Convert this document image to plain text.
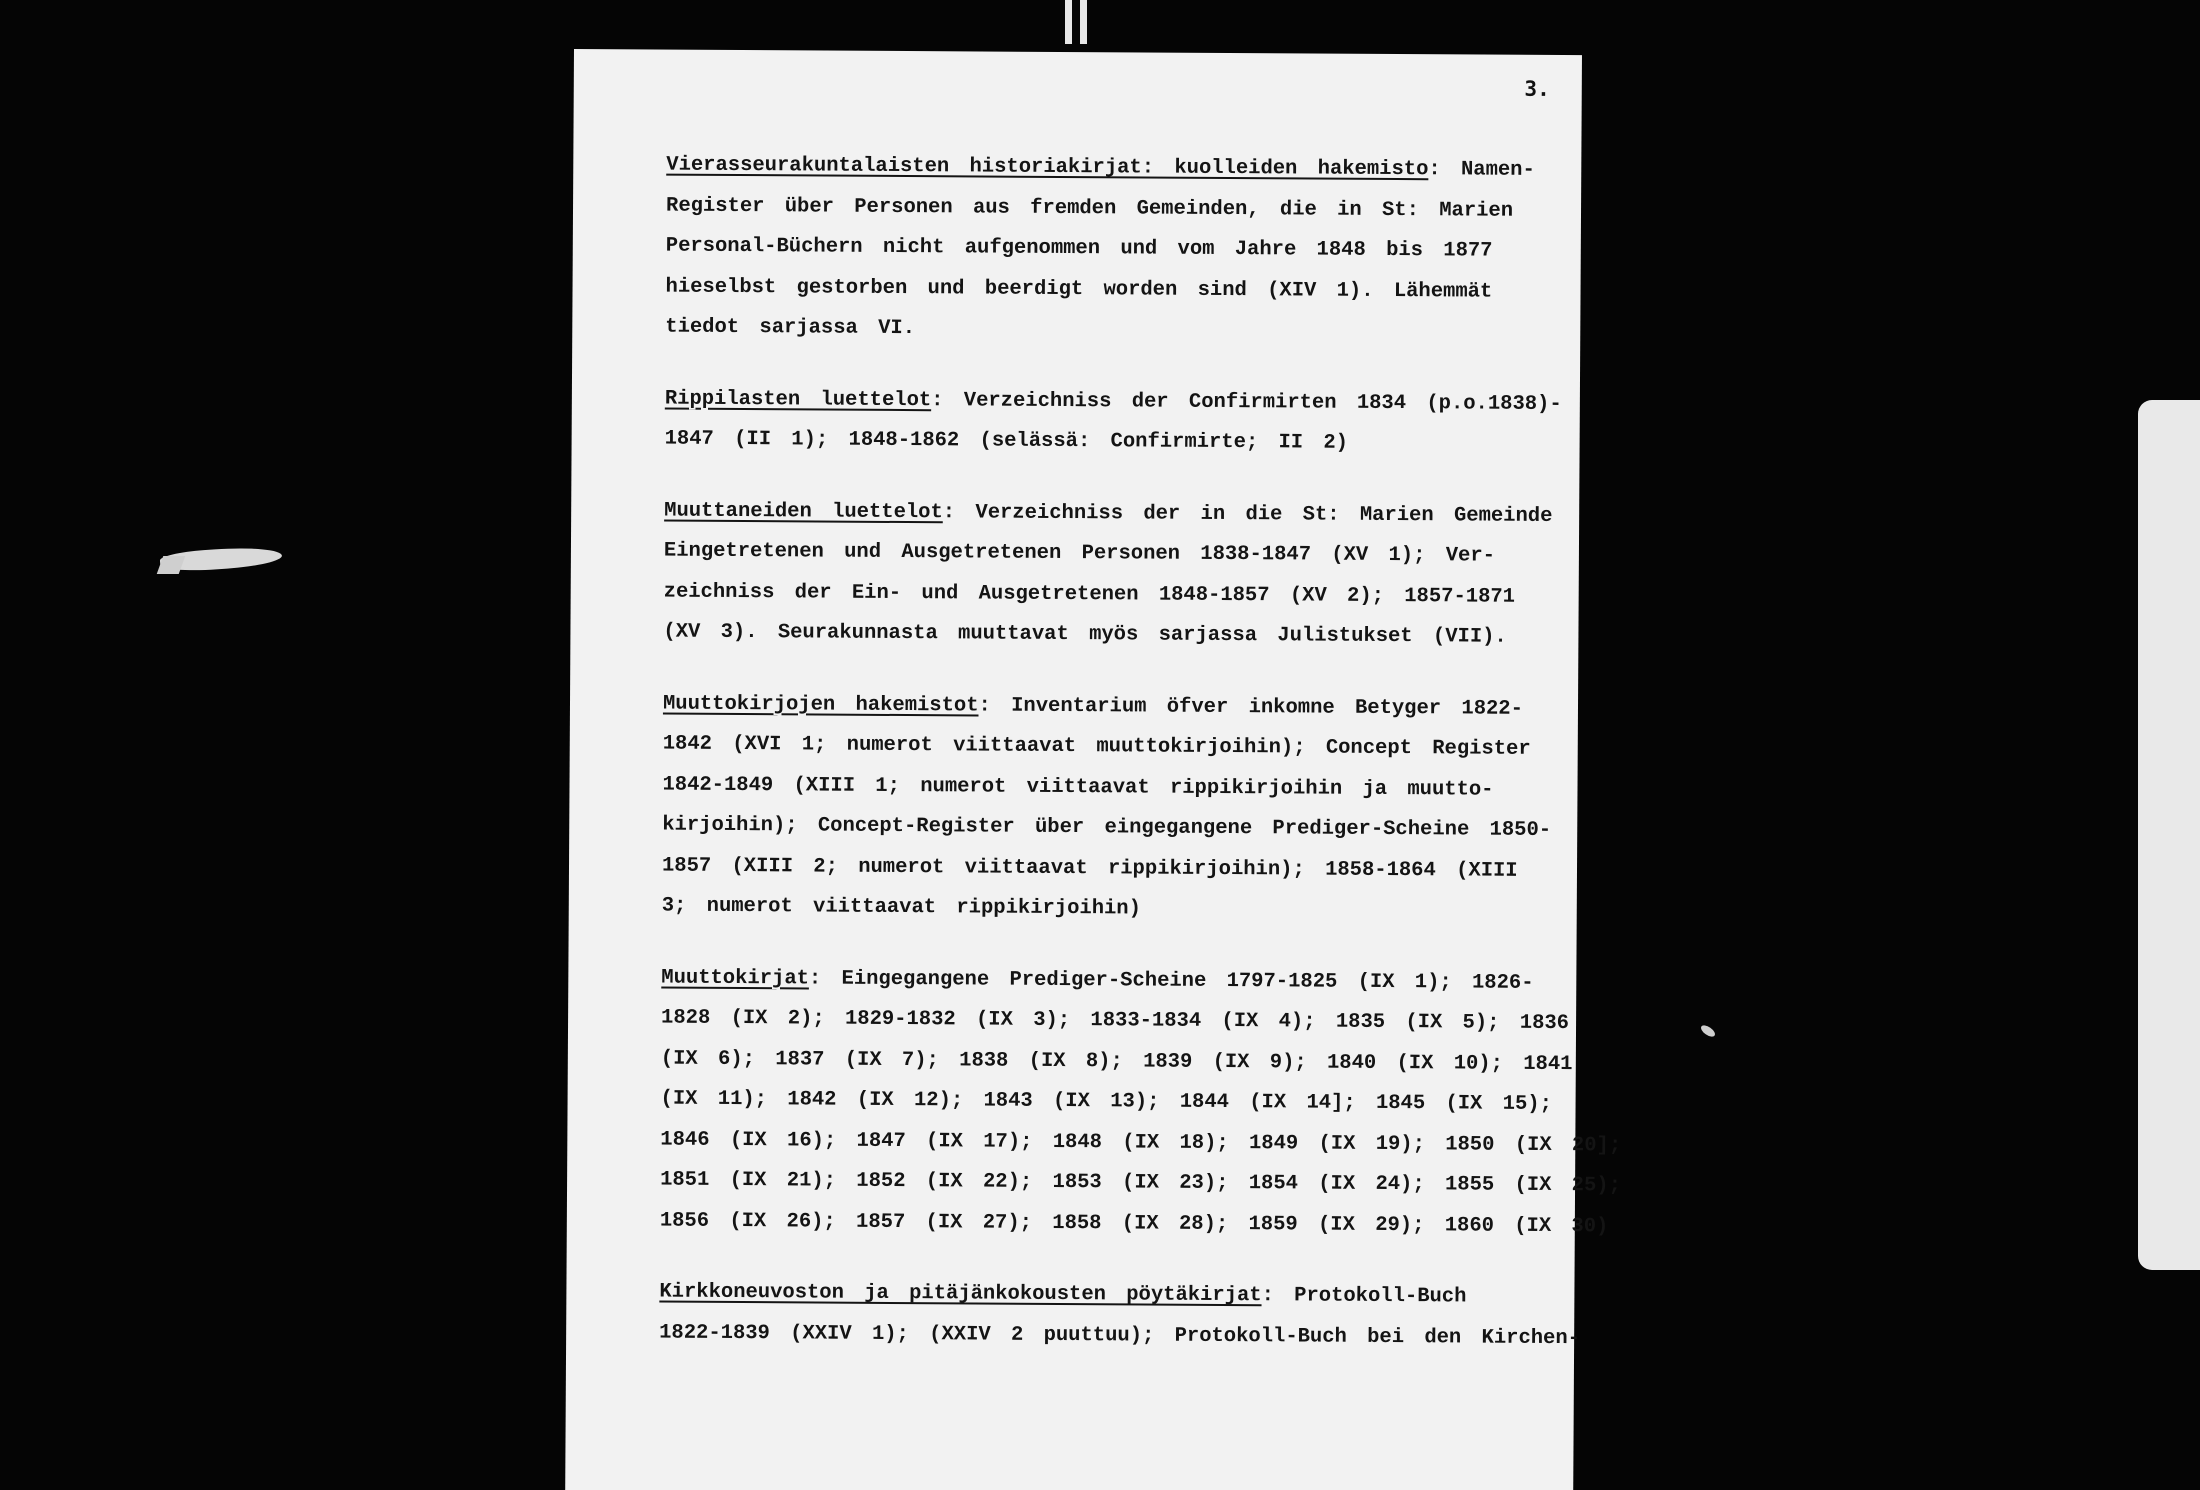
3.
Vierasseurakuntalaisten historiakirjat: kuolleiden hakemisto: Namen-
Register über Personen aus fremden Gemeinden, die in St: Marien
Personal-Büchern nicht aufgenommen und vom Jahre 1848 bis 1877
hieselbst gestorben und beerdigt worden sind (XIV 1). Lähemmät
tiedot sarjassa VI.
Rippilasten luettelot: Verzeichniss der Confirmirten 1834 (p.o.1838)-
1847 (II 1); 1848-1862 (selässä: Confirmirte; II 2)
Muuttaneiden luettelot: Verzeichniss der in die St: Marien Gemeinde
Eingetretenen und Ausgetretenen Personen 1838-1847 (XV 1); Ver-
zeichniss der Ein- und Ausgetretenen 1848-1857 (XV 2); 1857-1871
(XV 3). Seurakunnasta muuttavat myös sarjassa Julistukset (VII).
Muuttokirjojen hakemistot: Inventarium öfver inkomne Betyger 1822-
1842 (XVI 1; numerot viittaavat muuttokirjoihin); Concept Register
1842-1849 (XIII 1; numerot viittaavat rippikirjoihin ja muutto-
kirjoihin); Concept-Register über eingegangene Prediger-Scheine 1850-
1857 (XIII 2; numerot viittaavat rippikirjoihin); 1858-1864 (XIII
3; numerot viittaavat rippikirjoihin)
Muuttokirjat: Eingegangene Prediger-Scheine 1797-1825 (IX 1); 1826-
1828 (IX 2); 1829-1832 (IX 3); 1833-1834 (IX 4); 1835 (IX 5); 1836
(IX 6); 1837 (IX 7); 1838 (IX 8); 1839 (IX 9); 1840 (IX 10); 1841
(IX 11); 1842 (IX 12); 1843 (IX 13); 1844 (IX 14]; 1845 (IX 15);
1846 (IX 16); 1847 (IX 17); 1848 (IX 18); 1849 (IX 19); 1850 (IX 20];
1851 (IX 21); 1852 (IX 22); 1853 (IX 23); 1854 (IX 24); 1855 (IX 25);
1856 (IX 26); 1857 (IX 27); 1858 (IX 28); 1859 (IX 29); 1860 (IX 30)
Kirkkoneuvoston ja pitäjänkokousten pöytäkirjat: Protokoll-Buch
1822-1839 (XXIV 1); (XXIV 2 puuttuu); Protokoll-Buch bei den Kirchen-
